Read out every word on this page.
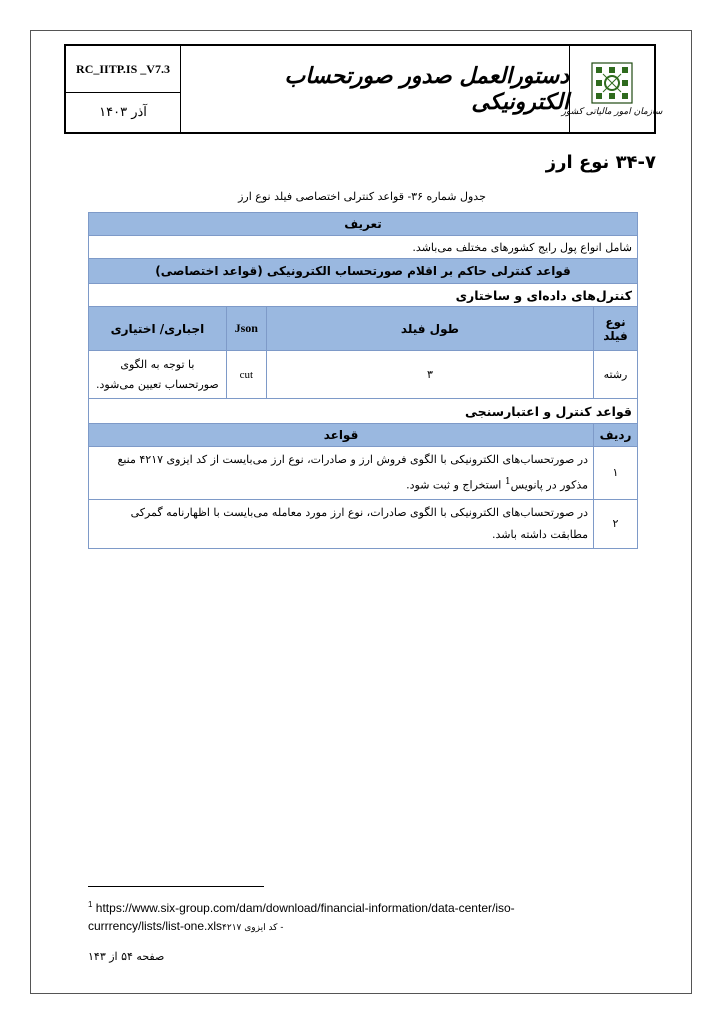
RC_IITP.IS _V7.3
آذر ۱۴۰۳
دستورالعمل صدور صورتحساب الکترونیکی
سازمان امور مالیاتی کشور
۳۴-۷ نوع ارز
جدول شماره ۳۶- قواعد کنترلی اختصاصی فیلد نوع ارز
تعریف			
شامل انواع پول رایج کشورهای مختلف می‌باشد.			
قواعد کنترلی حاکم بر اقلام صورتحساب الکترونیکی (قواعد اختصاصی)			
کنترل‌های داده‌ای و ساختاری			
نوع فیلد	طول فیلد	Json	اجباری/ اختیاری
رشته	۳	cut	با توجه به الگوی صورتحساب تعیین می‌شود.
قواعد کنترل و اعتبارسنجی			
ردیف	قواعد		
۱	در صورتحساب‌های الکترونیکی با الگوی فروش ارز و صادرات، نوع ارز می‌بایست از کد ایزوی ۴۲۱۷ منبع مذکور در پانویس$^1$ استخراج و ثبت شود.		
۲	در صورتحساب‌های الکترونیکی با الگوی صادرات، نوع ارز مورد معامله می‌بایست با اظهارنامه گمرکی مطابقت داشته باشد.		
$^1$ https://www.six-group.com/dam/download/financial-information/data-center/iso-currrency/lists/list-one.xls - کد ایزوی ۴۲۱۷
صفحه ۵۴ از ۱۴۳
